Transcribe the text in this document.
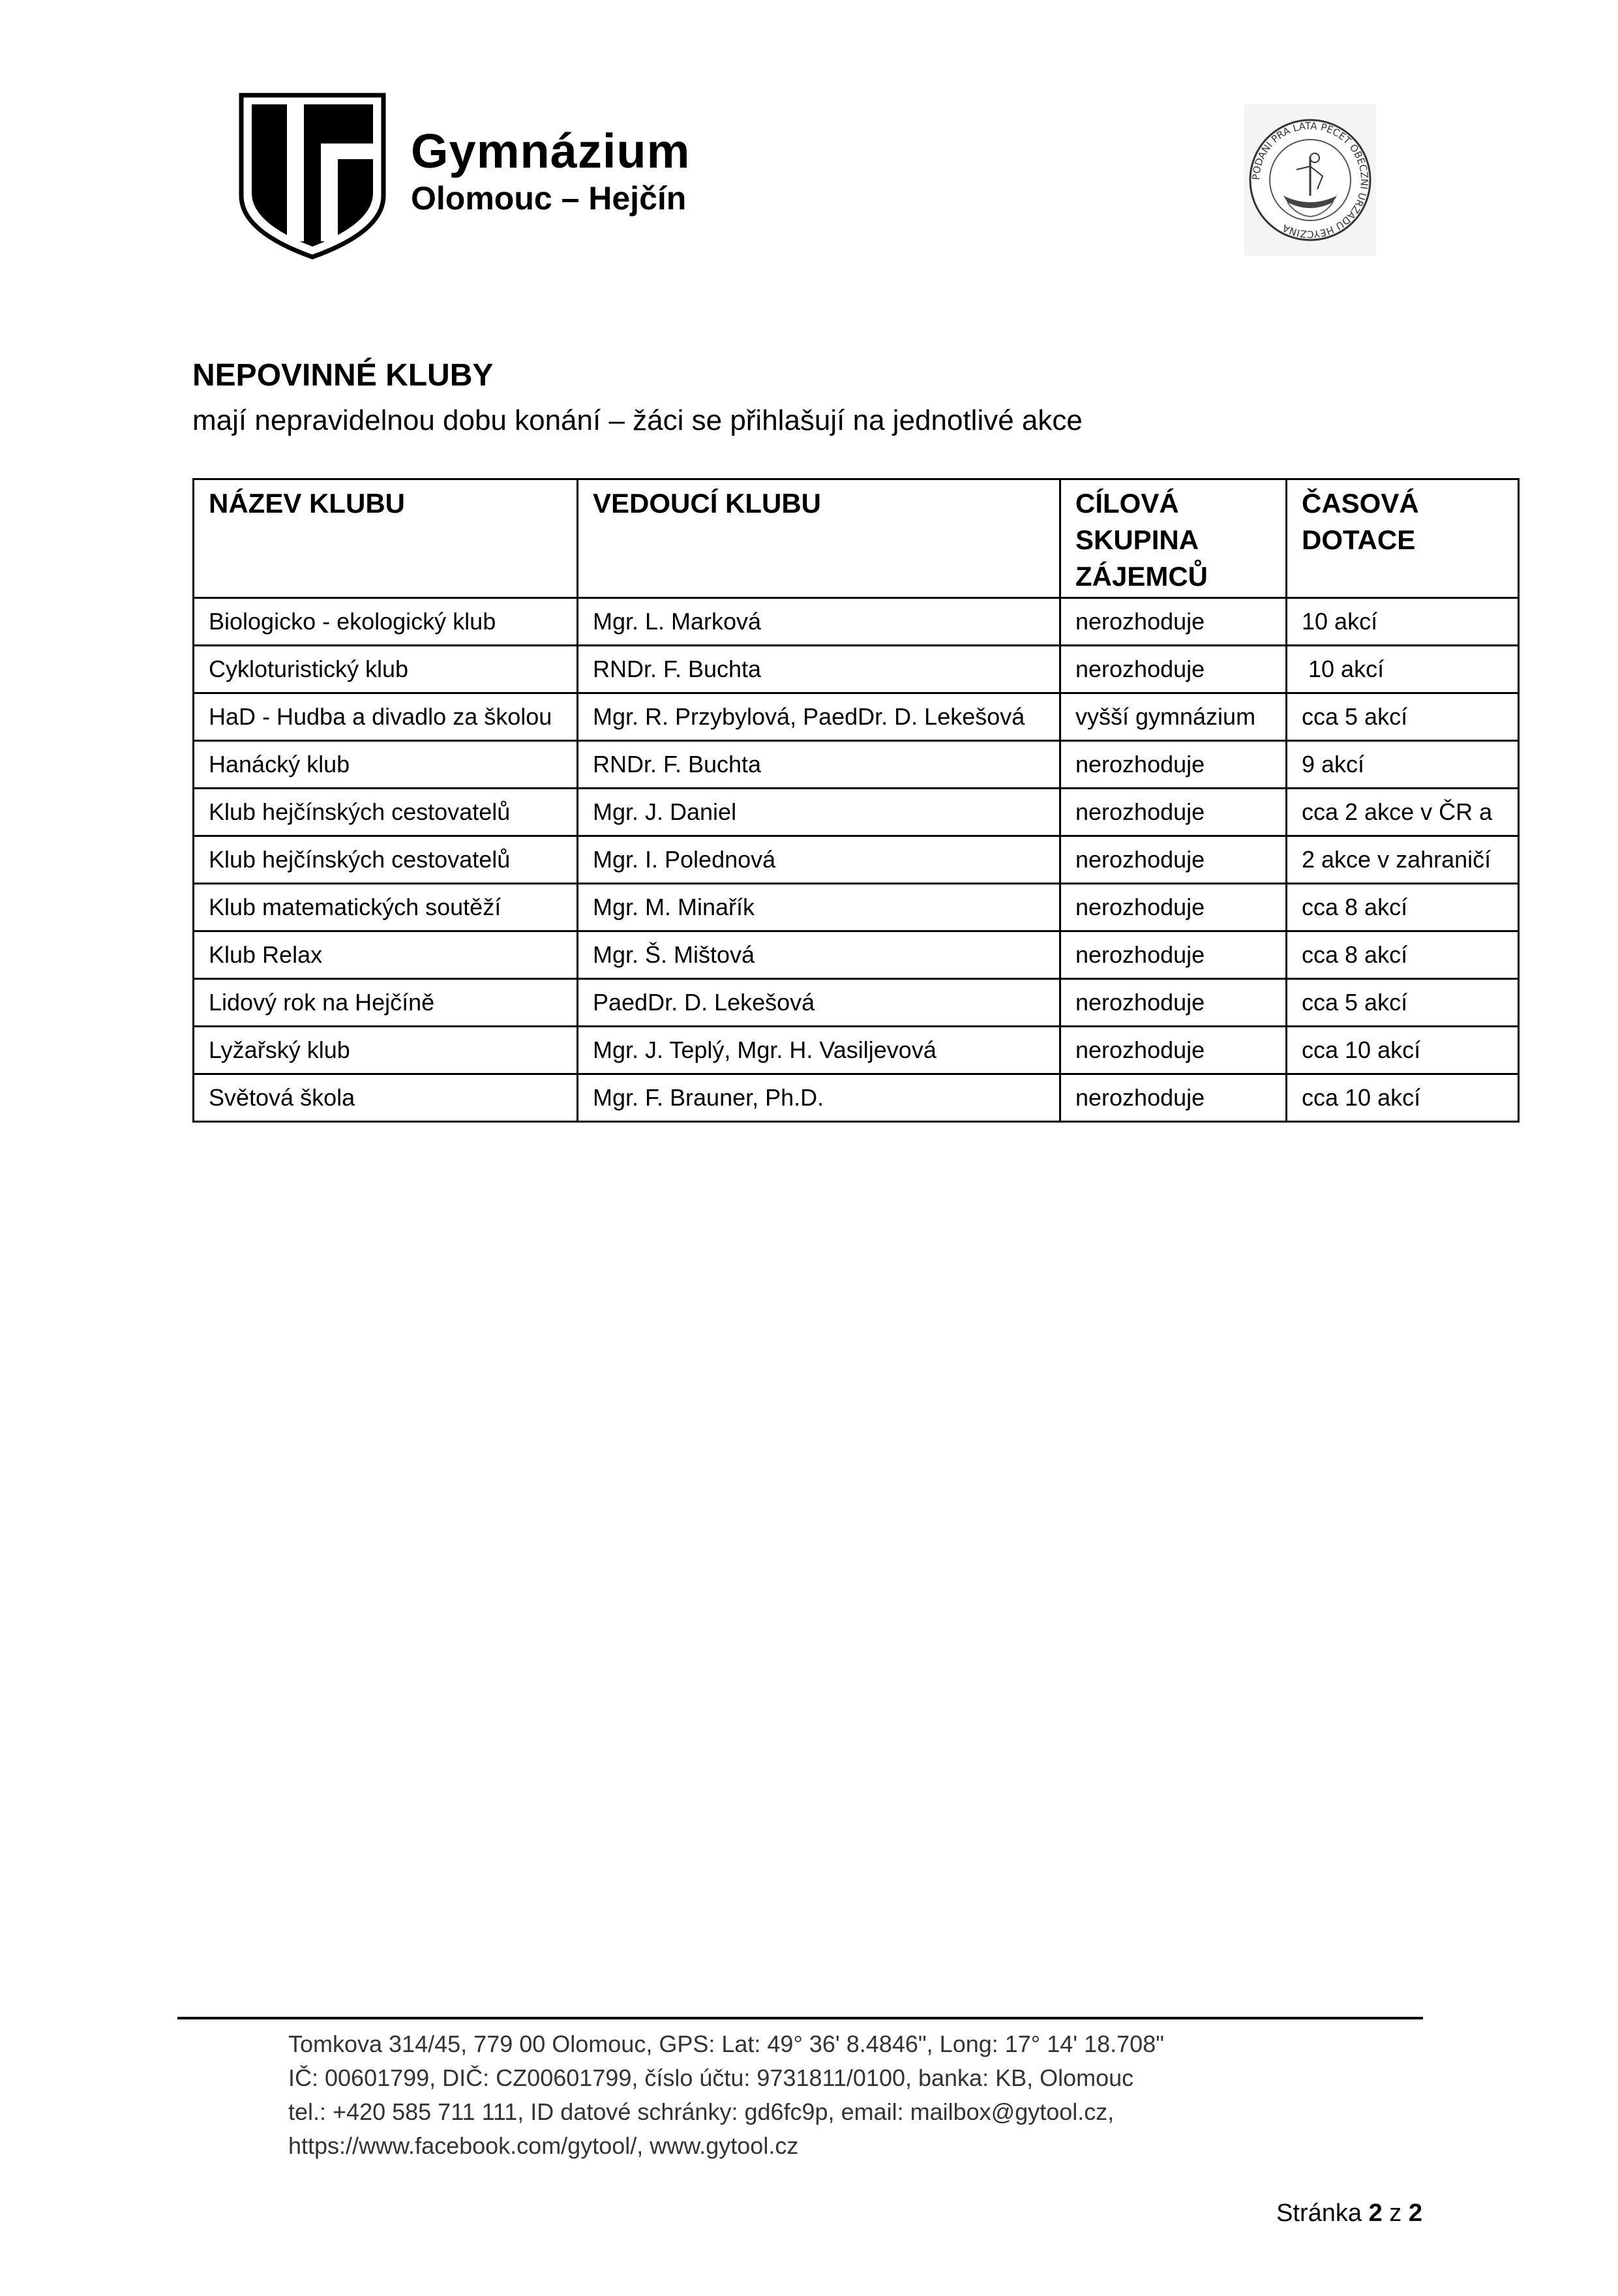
Gymnázium
Olomouc – Hejčín
PODANI PRA LATA PECET OBECZNI URZADU HEYCZINA
NEPOVINNÉ KLUBY
mají nepravidelnou dobu konání – žáci se přihlašují na jednotlivé akce
NÁZEV KLUBU	VEDOUCÍ KLUBU	CÍLOVÁ SKUPINA ZÁJEMCŮ	ČASOVÁ DOTACE
Biologicko - ekologický klub	Mgr. L. Marková	nerozhoduje	10 akcí
Cykloturistický klub	RNDr. F. Buchta	nerozhoduje	10 akcí
HaD - Hudba a divadlo za školou	Mgr. R. Przybylová, PaedDr. D. Lekešová	vyšší gymnázium	cca 5 akcí
Hanácký klub	RNDr. F. Buchta	nerozhoduje	9 akcí
Klub hejčínských cestovatelů	Mgr. J. Daniel	nerozhoduje	cca 2 akce v ČR a
Klub hejčínských cestovatelů	Mgr. I. Polednová	nerozhoduje	2 akce v zahraničí
Klub matematických soutěží	Mgr. M. Minařík	nerozhoduje	cca 8 akcí
Klub Relax	Mgr. Š. Mištová	nerozhoduje	cca 8 akcí
Lidový rok na Hejčíně	PaedDr. D. Lekešová	nerozhoduje	cca 5 akcí
Lyžařský klub	Mgr. J. Teplý, Mgr. H. Vasiljevová	nerozhoduje	cca 10 akcí
Světová škola	Mgr. F. Brauner, Ph.D.	nerozhoduje	cca 10 akcí
Tomkova 314/45, 779 00 Olomouc, GPS: Lat: 49° 36' 8.4846", Long: 17° 14' 18.708"
IČ: 00601799, DIČ: CZ00601799, číslo účtu: 9731811/0100, banka: KB, Olomouc
tel.: +420 585 711 111, ID datové schránky: gd6fc9p, email: mailbox@gytool.cz,
https://www.facebook.com/gytool/, www.gytool.cz
Stránka 2 z 2
